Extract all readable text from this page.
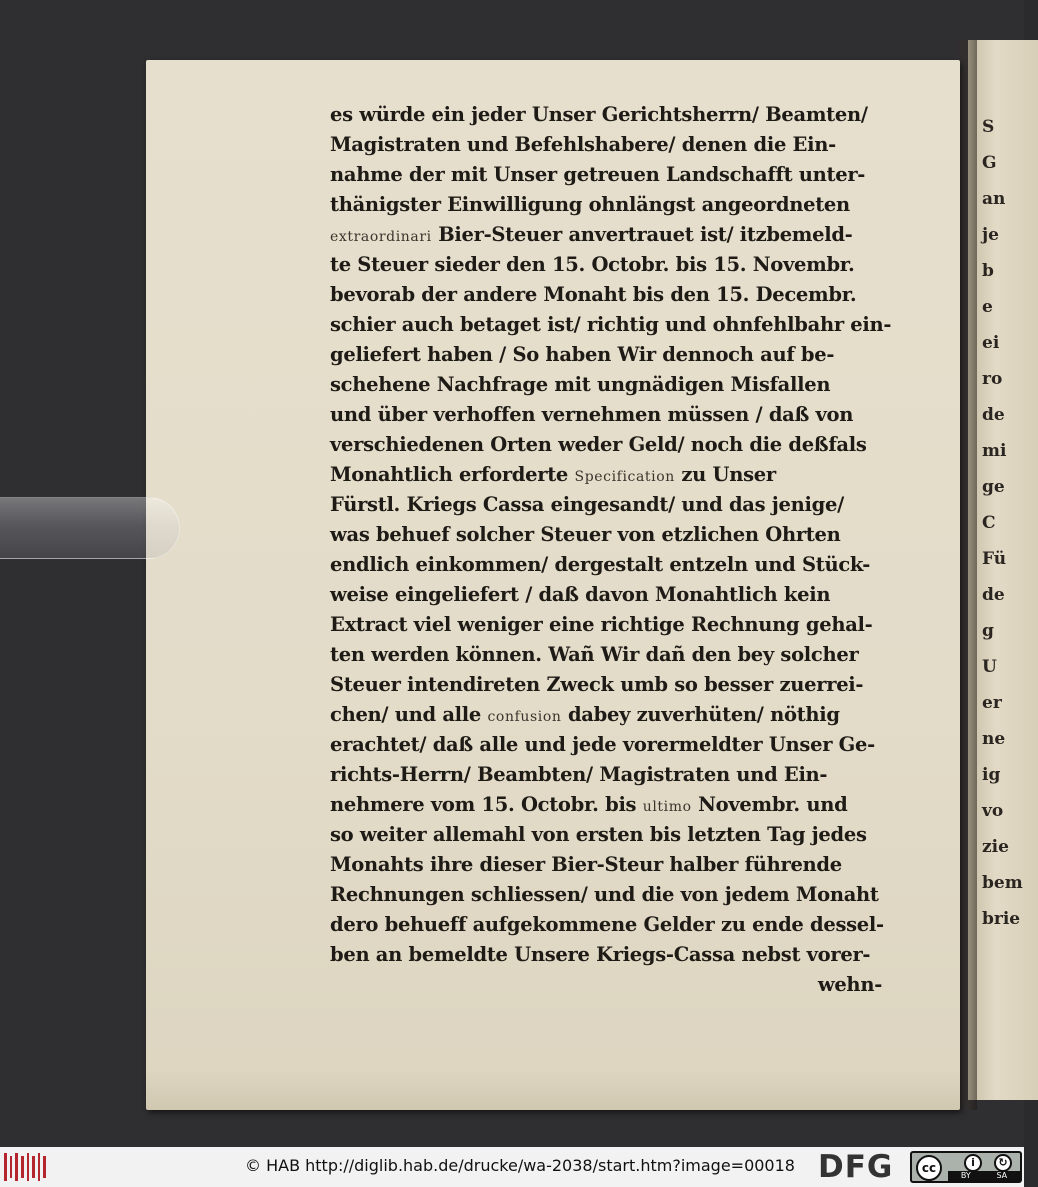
S
G
an
je
b
e
ei
ro
de
mi
ge
C
Fü
de
g
U
er
ne
ig
vo
zie
bem
brie
es würde ein jeder Unser Gerichtsherrn/ Beamten/
Magistraten und Befehlshabere/ denen die Ein-
nahme der mit Unser getreuen Landschafft unter-
thänigster Einwilligung ohnlängst angeordneten
extraordinari Bier-Steuer anvertrauet ist/ itzbemeld-
te Steuer sieder den 15. Octobr. bis 15. Novembr.
bevorab der andere Monaht bis den 15. Decembr.
schier auch betaget ist/ richtig und ohnfehlbahr ein-
geliefert haben / So haben Wir dennoch auf be-
schehene Nachfrage mit ungnädigen Misfallen
und über verhoffen vernehmen müssen / daß von
verschiedenen Orten weder Geld/ noch die deßfals
Monahtlich erforderte Specification zu Unser
Fürstl. Kriegs Cassa eingesandt/ und das jenige/
was behuef solcher Steuer von etzlichen Ohrten
endlich einkommen/ dergestalt entzeln und Stück-
weise eingeliefert / daß davon Monahtlich kein
Extract viel weniger eine richtige Rechnung gehal-
ten werden können. Wañ Wir dañ den bey solcher
Steuer intendireten Zweck umb so besser zuerrei-
chen/ und alle confusion dabey zuverhüten/ nöthig
erachtet/ daß alle und jede vorermeldter Unser Ge-
richts-Herrn/ Beambten/ Magistraten und Ein-
nehmere vom 15. Octobr. bis ultimo Novembr. und
so weiter allemahl von ersten bis letzten Tag jedes
Monahts ihre dieser Bier-Steur halber führende
Rechnungen schliessen/ und die von jedem Monaht
dero behueff aufgekommene Gelder zu ende dessel-
ben an bemeldte Unsere Kriegs-Cassa nebst vorer-
wehn-
© HAB http://diglib.hab.de/drucke/wa-2038/start.htm?image=00018 DFG	cc	i	↻
BY	SA
